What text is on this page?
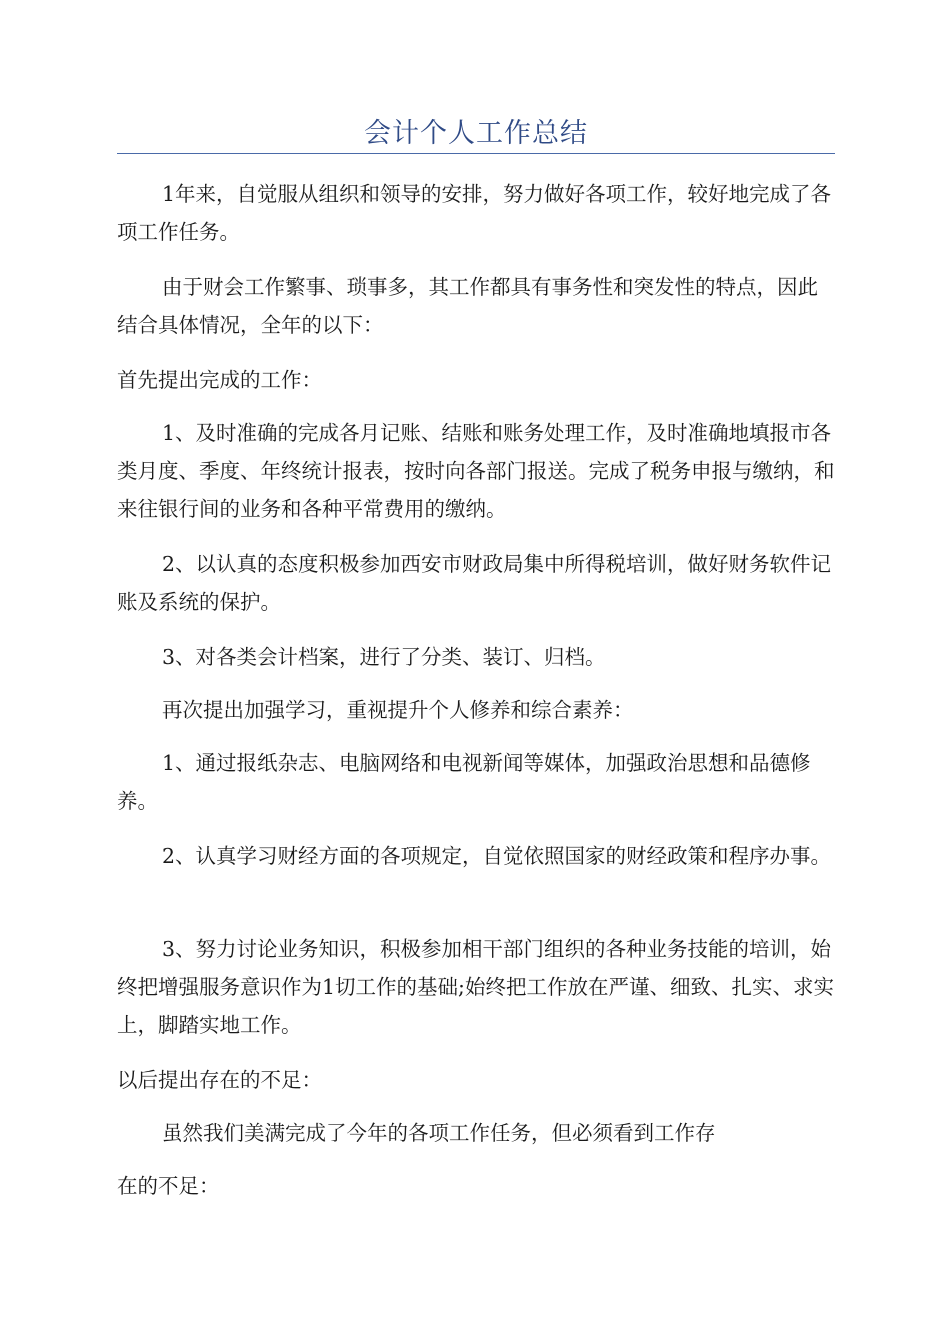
会计个人工作总结

1年来，自觉服从组织和领导的安排，努力做好各项工作，较好地完成了各项工作任务。

由于财会工作繁事、琐事多，其工作都具有事务性和突发性的特点，因此结合具体情况，全年的以下：

首先提出完成的工作：

1、及时准确的完成各月记账、结账和账务处理工作，及时准确地填报市各类月度、季度、年终统计报表，按时向各部门报送。完成了税务申报与缴纳，和来往银行间的业务和各种平常费用的缴纳。

2、以认真的态度积极参加西安市财政局集中所得税培训，做好财务软件记账及系统的保护。

3、对各类会计档案，进行了分类、装订、归档。

再次提出加强学习，重视提升个人修养和综合素养：

1、通过报纸杂志、电脑网络和电视新闻等媒体，加强政治思想和品德修养。

2、认真学习财经方面的各项规定，自觉依照国家的财经政策和程序办事。

3、努力讨论业务知识，积极参加相干部门组织的各种业务技能的培训，始终把增强服务意识作为1切工作的基础;始终把工作放在严谨、细致、扎实、求实上，脚踏实地工作。

以后提出存在的不足：

虽然我们美满完成了今年的各项工作任务，但必须看到工作存

在的不足：
